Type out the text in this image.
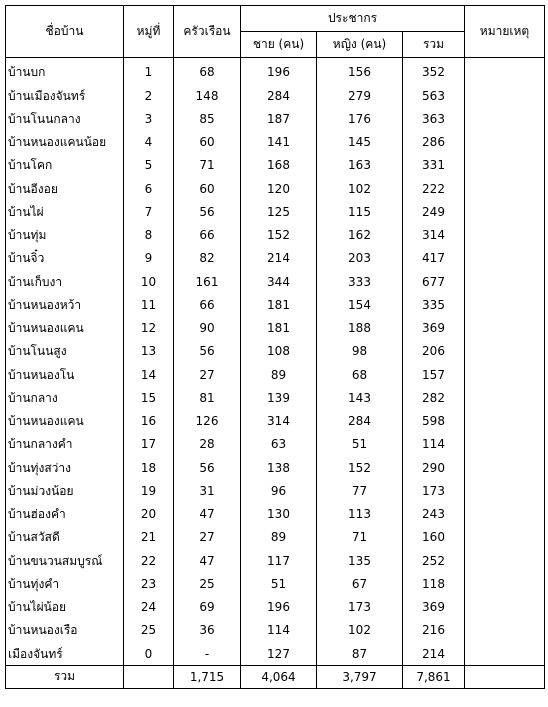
ชื่อบ้าน	หมู่ที่	ครัวเรือน	ประชากร			หมายเหตุ
			ชาย (คน)	หญิง (คน)	รวม	
บ้านบก	1	68	196	156	352	
บ้านเมืองจันทร์	2	148	284	279	563	
บ้านโนนกลาง	3	85	187	176	363	
บ้านหนองแคนน้อย	4	60	141	145	286	
บ้านโคก	5	71	168	163	331	
บ้านอีงอย	6	60	120	102	222	
บ้านไผ่	7	56	125	115	249	
บ้านทุ่ม	8	66	152	162	314	
บ้านจิ๋ว	9	82	214	203	417	
บ้านเก็บงา	10	161	344	333	677	
บ้านหนองหว้า	11	66	181	154	335	
บ้านหนองแคน	12	90	181	188	369	
บ้านโนนสูง	13	56	108	98	206	
บ้านหนองโน	14	27	89	68	157	
บ้านกลาง	15	81	139	143	282	
บ้านหนองแคน	16	126	314	284	598	
บ้านกลางคำ	17	28	63	51	114	
บ้านทุ่งสว่าง	18	56	138	152	290	
บ้านม่วงน้อย	19	31	96	77	173	
บ้านฮ่องคำ	20	47	130	113	243	
บ้านสวัสดี	21	27	89	71	160	
บ้านขนวนสมบูรณ์	22	47	117	135	252	
บ้านทุ่งคำ	23	25	51	67	118	
บ้านไผ่น้อย	24	69	196	173	369	
บ้านหนองเรือ	25	36	114	102	216	
เมืองจันทร์	0	-	127	87	214	
รวม		1,715	4,064	3,797	7,861	
